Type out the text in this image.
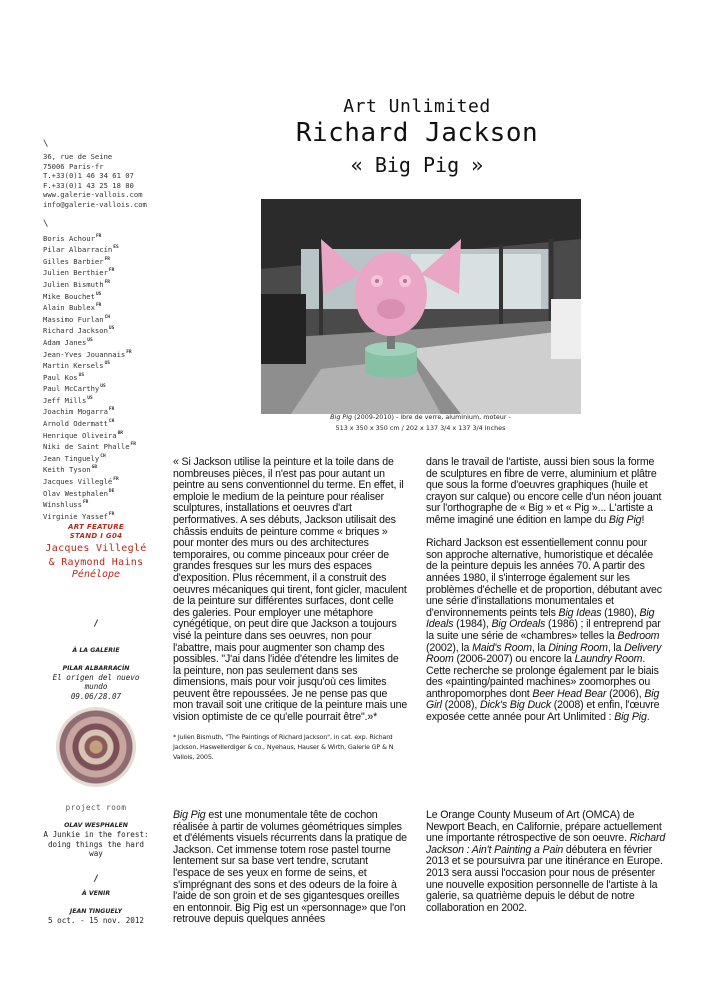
\
36, rue de Seine
75006 Paris-fr
T.+33(0)1 46 34 61 07
F.+33(0)1 43 25 18 80
www.galerie-vallois.com
info@galerie-vallois.com
\
Boris Achour$^{FR}$
Pilar Albarracín$^{ES}$
Gilles Barbier$^{FR}$
Julien Berthier$^{FR}$
Julien Bismuth$^{FR}$
Mike Bouchet$^{US}$
Alain Bublex$^{FR}$
Massimo Furlan$^{CH}$
Richard Jackson$^{US}$
Adam Janes$^{US}$
Jean-Yves Jouannais$^{FR}$
Martin Kersels$^{US}$
Paul Kos$^{US}$
Paul McCarthy$^{US}$
Jeff Mills$^{US}$
Joachim Mogarra$^{FR}$
Arnold Odermatt$^{CH}$
Henrique Oliveira$^{BR}$
Niki de Saint Phalle$^{FR}$
Jean Tinguely$^{CH}$
Keith Tyson$^{GB}$
Jacques Villeglé$^{FR}$
Olav Westphalen$^{DE}$
Winshluss$^{FR}$
Virginie Yassef$^{FR}$
ART FEATURE
STAND I G04
Jacques Villeglé
& Raymond Hains
Pénélope
/
À LA GALERIE
PILAR ALBARRACÍN
El origen del nuevo
mundo
09.06/28.07
project room
OLAV WESPHALEN
A Junkie in the forest:
doing things the hard
way
/
À VENIR
JEAN TINGUELY
5 oct. - 15 nov. 2012
Art Unlimited
Richard Jackson
« Big Pig »
Big Pig (2009-2010) - ibre de verre, aluminium, moteur -
513 x 350 x 350 cm / 202 x 137 3/4 x 137 3/4 inches

« Si Jackson utilise la peinture et la toile dans de nombreuses pièces, il n'est pas pour autant un peintre au sens conventionnel du terme. En effet, il emploie le medium de la peinture pour réaliser sculptures, installations et oeuvres d'art performatives. A ses débuts, Jackson utilisait des châssis enduits de peinture comme « briques » pour monter des murs ou des architectures temporaires, ou comme pinceaux pour créer de grandes fresques sur les murs des espaces d'exposition. Plus récemment, il a construit des oeuvres mécaniques qui tirent, font gicler, maculent de la peinture sur différentes surfaces, dont celle des galeries. Pour employer une métaphore cynégétique, on peut dire que Jackson a toujours visé la peinture dans ses oeuvres, non pour l'abattre, mais pour augmenter son champ des possibles. "J'ai dans l'idée d'étendre les limites de la peinture, non pas seulement dans ses dimensions, mais pour voir jusqu'où ces limites peuvent être repoussées. Je ne pense pas que mon travail soit une critique de la peinture mais une vision optimiste de ce qu'elle pourrait être".»*

* Julien Bismuth, "The Paintings of Richard Jackson", in cat. exp. Richard Jackson, Haswellerdiger & co., Nyehaus, Hauser & Wirth, Galerie GP & N Vallois, 2005.

dans le travail de l'artiste, aussi bien sous la forme de sculptures en fibre de verre, aluminium et plâtre que sous la forme d'oeuvres graphiques (huile et crayon sur calque) ou encore celle d'un néon jouant sur l'orthographe de « Big » et « Pig »... L'artiste a même imaginé une édition en lampe du Big Pig!

Richard Jackson est essentiellement connu pour son approche alternative, humoristique et décalée de la peinture depuis les années 70. A partir des années 1980, il s'interroge également sur les problèmes d'échelle et de proportion, débutant avec une série d'installations monumentales et d'environnements peints tels Big Ideas (1980), Big Ideals (1984), Big Ordeals (1986) ; il entreprend par la suite une série de «chambres» telles la Bedroom (2002), la Maid's Room, la Dining Room, la Delivery Room (2006-2007) ou encore la Laundry Room. Cette recherche se prolonge également par le biais des «painting/painted machines» zoomorphes ou anthropomorphes dont Beer Head Bear (2006), Big Girl (2008), Dick's Big Duck (2008) et enfin, l'œuvre exposée cette année pour Art Unlimited : Big Pig.

Big Pig est une monumentale tête de cochon réalisée à partir de volumes géométriques simples et d'éléments visuels récurrents dans la pratique de Jackson. Cet immense totem rose pastel tourne lentement sur sa base vert tendre, scrutant l'espace de ses yeux en forme de seins, et s'imprégnant des sons et des odeurs de la foire à l'aide de son groin et de ses gigantesques oreilles en entonnoir. Big Pig est un «personnage» que l'on retrouve depuis quelques années

Le Orange County Museum of Art (OMCA) de Newport Beach, en Californie, prépare actuellement une importante rétrospective de son oeuvre. Richard Jackson : Ain't Painting a Pain débutera en février 2013 et se poursuivra par une itinérance en Europe. 2013 sera aussi l'occasion pour nous de présenter une nouvelle exposition personnelle de l'artiste à la galerie, sa quatrième depuis le début de notre collaboration en 2002.
